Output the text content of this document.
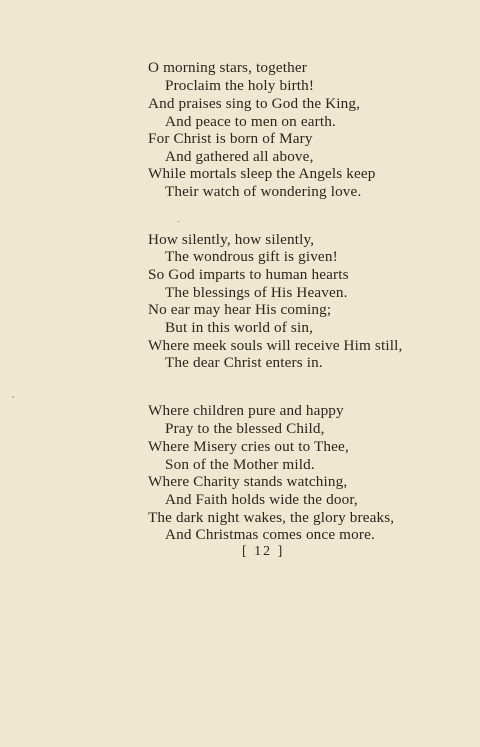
O morning stars, together
Proclaim the holy birth!
And praises sing to God the King,
And peace to men on earth.
For Christ is born of Mary
And gathered all above,
While mortals sleep the Angels keep
Their watch of wondering love.
How silently, how silently,
The wondrous gift is given!
So God imparts to human hearts
The blessings of His Heaven.
No ear may hear His coming;
But in this world of sin,
Where meek souls will receive Him still,
The dear Christ enters in.
Where children pure and happy
Pray to the blessed Child,
Where Misery cries out to Thee,
Son of the Mother mild.
Where Charity stands watching,
And Faith holds wide the door,
The dark night wakes, the glory breaks,
And Christmas comes once more.
[ 12 ]
